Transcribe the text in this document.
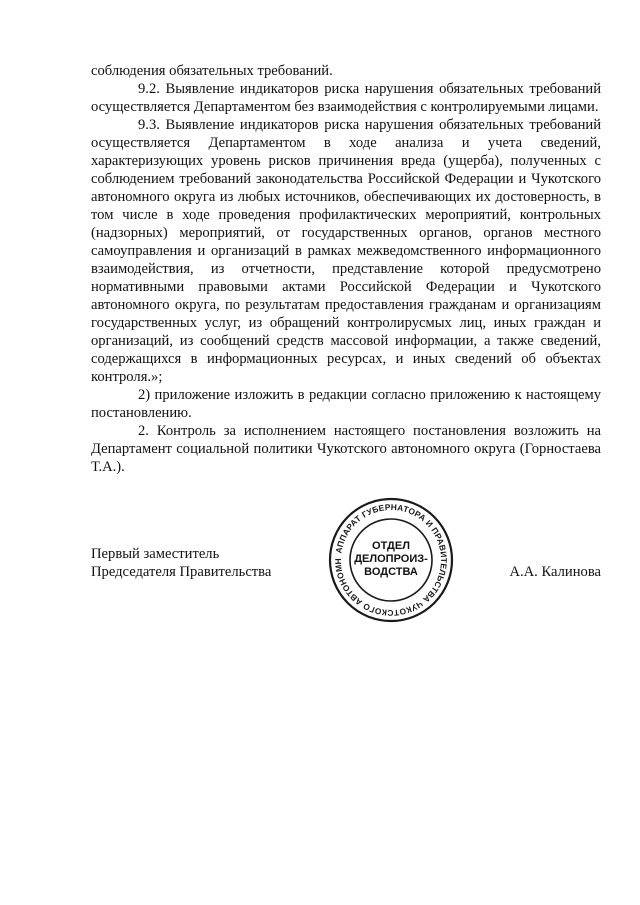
соблюдения обязательных требований.

9.2. Выявление индикаторов риска нарушения обязательных требований осуществляется Департаментом без взаимодействия с контролируемыми лицами.

9.3. Выявление индикаторов риска нарушения обязательных требований осуществляется Департаментом в ходе анализа и учета сведений, характеризующих уровень рисков причинения вреда (ущерба), полученных с соблюдением требований законодательства Российской Федерации и Чукотского автономного округа из любых источников, обеспечивающих их достоверность, в том числе в ходе проведения профилактических мероприятий, контрольных (надзорных) мероприятий, от государственных органов, органов местного самоуправления и организаций в рамках межведомственного информационного взаимодействия, из отчетности, представление которой предусмотрено нормативными правовыми актами Российской Федерации и Чукотского автономного округа, по результатам предоставления гражданам и организациям государственных услуг, из обращений контролирусмых лиц, иных граждан и организаций, из сообщений средств массовой информации, а также сведений, содержащихся в информационных ресурсах, и иных сведений об объектах контроля.»;

2) приложение изложить в редакции согласно приложению к настоящему постановлению.

2. Контроль за исполнением настоящего постановления возложить на Департамент социальной политики Чукотского автономного округа (Горностаева Т.А.).

Первый заместитель
Председателя Правительства	А.А. Калинова
АППАРАТ ГУБЕРНАТОРА И ПРАВИТЕЛЬСТВА ЧУКОТСКОГО АВТОНОМН
ОТДЕЛ
ДЕЛОПРОИЗ-
ВОДСТВА
